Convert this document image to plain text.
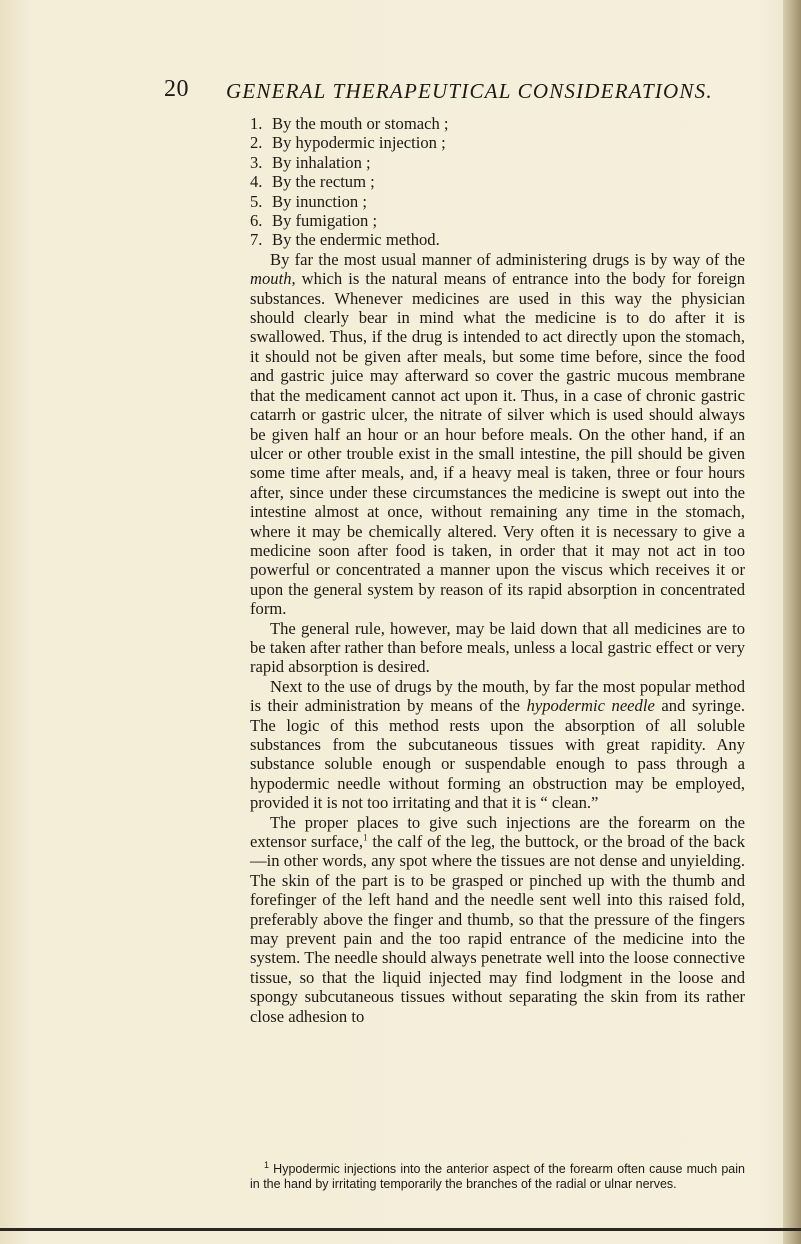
20 GENERAL THERAPEUTICAL CONSIDERATIONS.
1. By the mouth or stomach ;
2. By hypodermic injection ;
3. By inhalation ;
4. By the rectum ;
5. By inunction ;
6. By fumigation ;
7. By the endermic method.

By far the most usual manner of administering drugs is by way of the mouth, which is the natural means of entrance into the body for foreign substances. Whenever medicines are used in this way the physician should clearly bear in mind what the medicine is to do after it is swallowed. Thus, if the drug is intended to act directly upon the stomach, it should not be given after meals, but some time before, since the food and gastric juice may afterward so cover the gastric mucous membrane that the medicament cannot act upon it. Thus, in a case of chronic gastric catarrh or gastric ulcer, the nitrate of silver which is used should always be given half an hour or an hour before meals. On the other hand, if an ulcer or other trouble exist in the small intestine, the pill should be given some time after meals, and, if a heavy meal is taken, three or four hours after, since under these circumstances the medicine is swept out into the intestine almost at once, without remaining any time in the stomach, where it may be chemically altered. Very often it is necessary to give a medicine soon after food is taken, in order that it may not act in too powerful or concentrated a manner upon the viscus which receives it or upon the general system by reason of its rapid absorption in concentrated form.

The general rule, however, may be laid down that all medicines are to be taken after rather than before meals, unless a local gastric effect or very rapid absorption is desired.

Next to the use of drugs by the mouth, by far the most popular method is their administration by means of the hypodermic needle and syringe. The logic of this method rests upon the absorption of all soluble substances from the subcutaneous tissues with great rapidity. Any substance soluble enough or suspendable enough to pass through a hypodermic needle without forming an obstruction may be employed, provided it is not too irritating and that it is “ clean.”

The proper places to give such injections are the forearm on the extensor surface,$^1$ the calf of the leg, the buttock, or the broad of the back—in other words, any spot where the tissues are not dense and unyielding. The skin of the part is to be grasped or pinched up with the thumb and forefinger of the left hand and the needle sent well into this raised fold, preferably above the finger and thumb, so that the pressure of the fingers may prevent pain and the too rapid entrance of the medicine into the system. The needle should always penetrate well into the loose connective tissue, so that the liquid injected may find lodgment in the loose and spongy subcutaneous tissues without separating the skin from its rather close adhesion to

$^1$ Hypodermic injections into the anterior aspect of the forearm often cause much pain in the hand by irritating temporarily the branches of the radial or ulnar nerves.
